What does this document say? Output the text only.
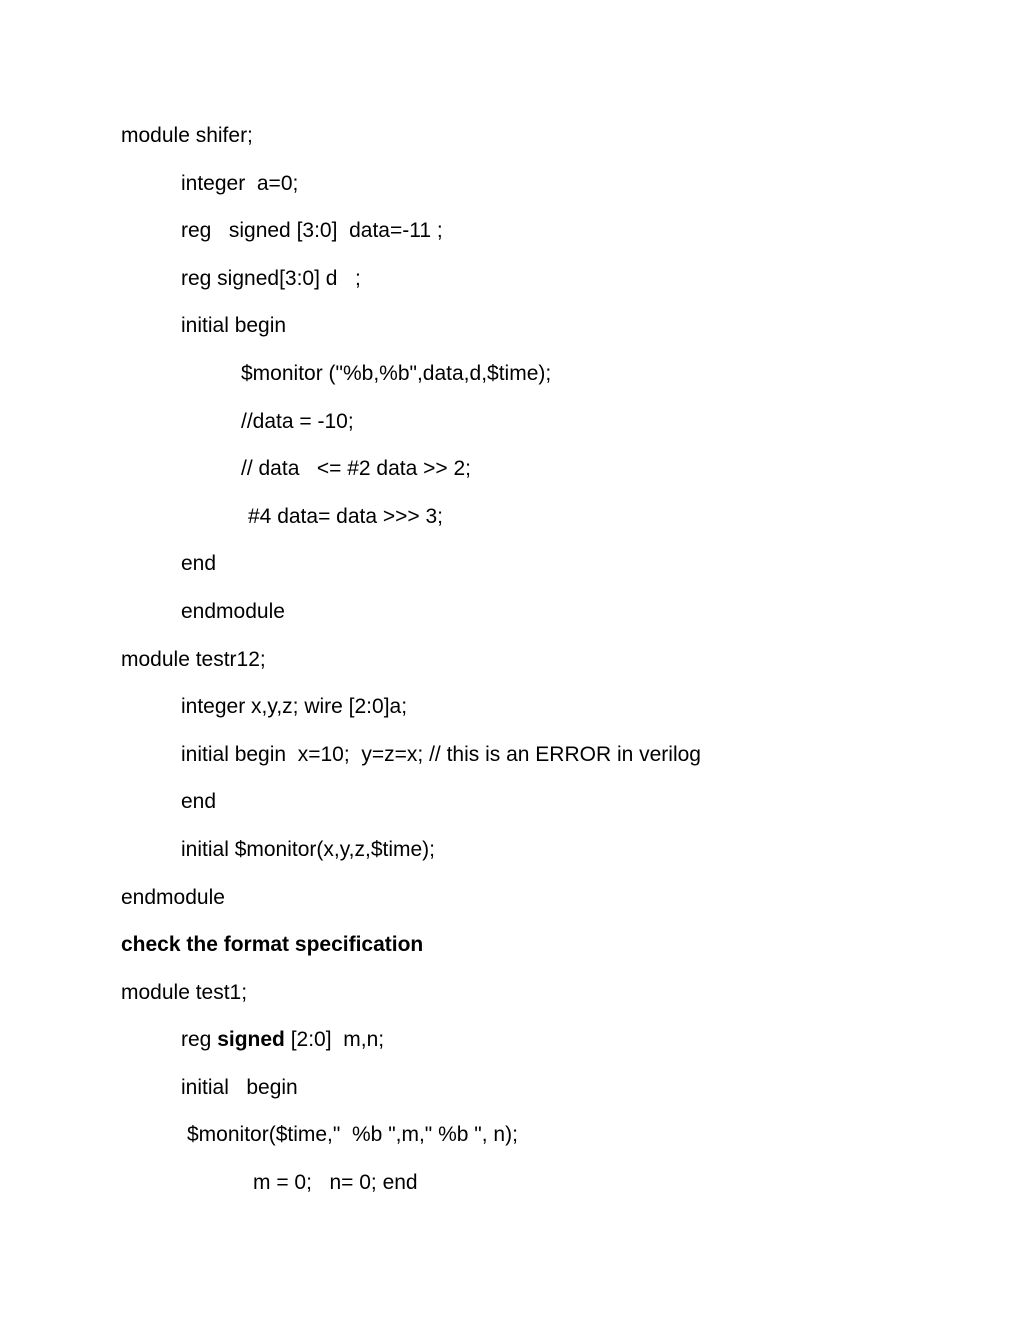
module shifer;

integer  a=0;

reg   signed [3:0]  data=-11 ;

reg signed[3:0] d   ;

initial begin

$monitor ("%b,%b",data,d,$time);

//data = -10;

// data   <= #2 data >> 2;

#4 data= data >>> 3;

end

endmodule

module testr12;

integer x,y,z; wire [2:0]a;

initial begin  x=10;  y=z=x; // this is an ERROR in verilog

end

initial $monitor(x,y,z,$time);

endmodule

check the format specification

module test1;

reg signed [2:0]  m,n;

initial   begin

$monitor($time,"  %b ",m," %b ", n);

m = 0;   n= 0; end
